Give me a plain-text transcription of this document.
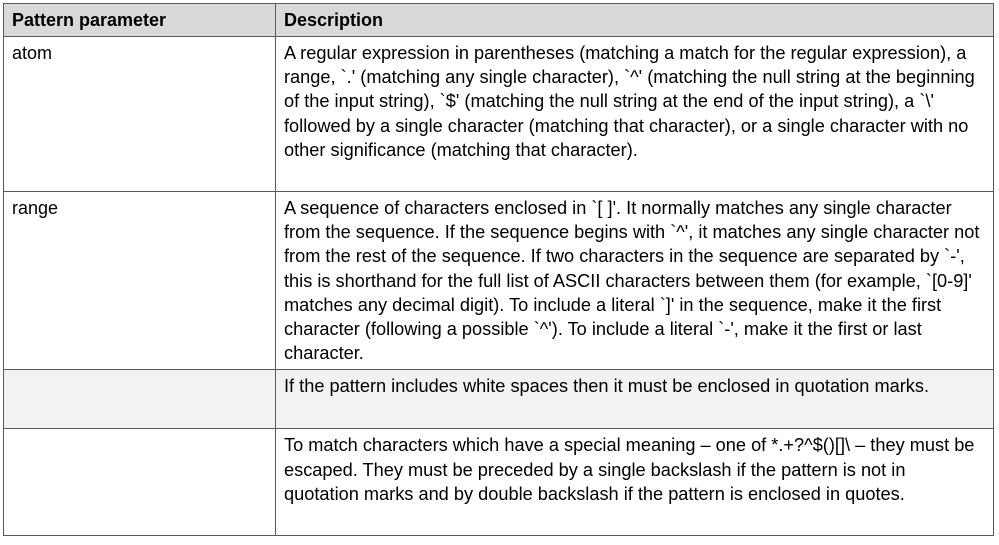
Pattern parameter	Description
atom	A regular expression in parentheses (matching a match for the regular expression), a range, `.' (matching any single character), `^' (matching the null string at the beginning of the input string), `$' (matching the null string at the end of the input string), a `\' followed by a single character (matching that character), or a single character with no other significance (matching that character).
range	A sequence of characters enclosed in `[ ]'. It normally matches any single character from the sequence. If the sequence begins with `^', it matches any single character not from the rest of the sequence. If two characters in the sequence are separated by `-', this is shorthand for the full list of ASCII characters between them (for example, `[0-9]' matches any decimal digit). To include a literal `]' in the sequence, make it the first character (following a possible `^'). To include a literal `-', make it the first or last character.
	If the pattern includes white spaces then it must be enclosed in quotation marks.
	To match characters which have a special meaning – one of *.+?^$()[]\ – they must be escaped. They must be preceded by a single backslash if the pattern is not in quotation marks and by double backslash if the pattern is enclosed in quotes.
